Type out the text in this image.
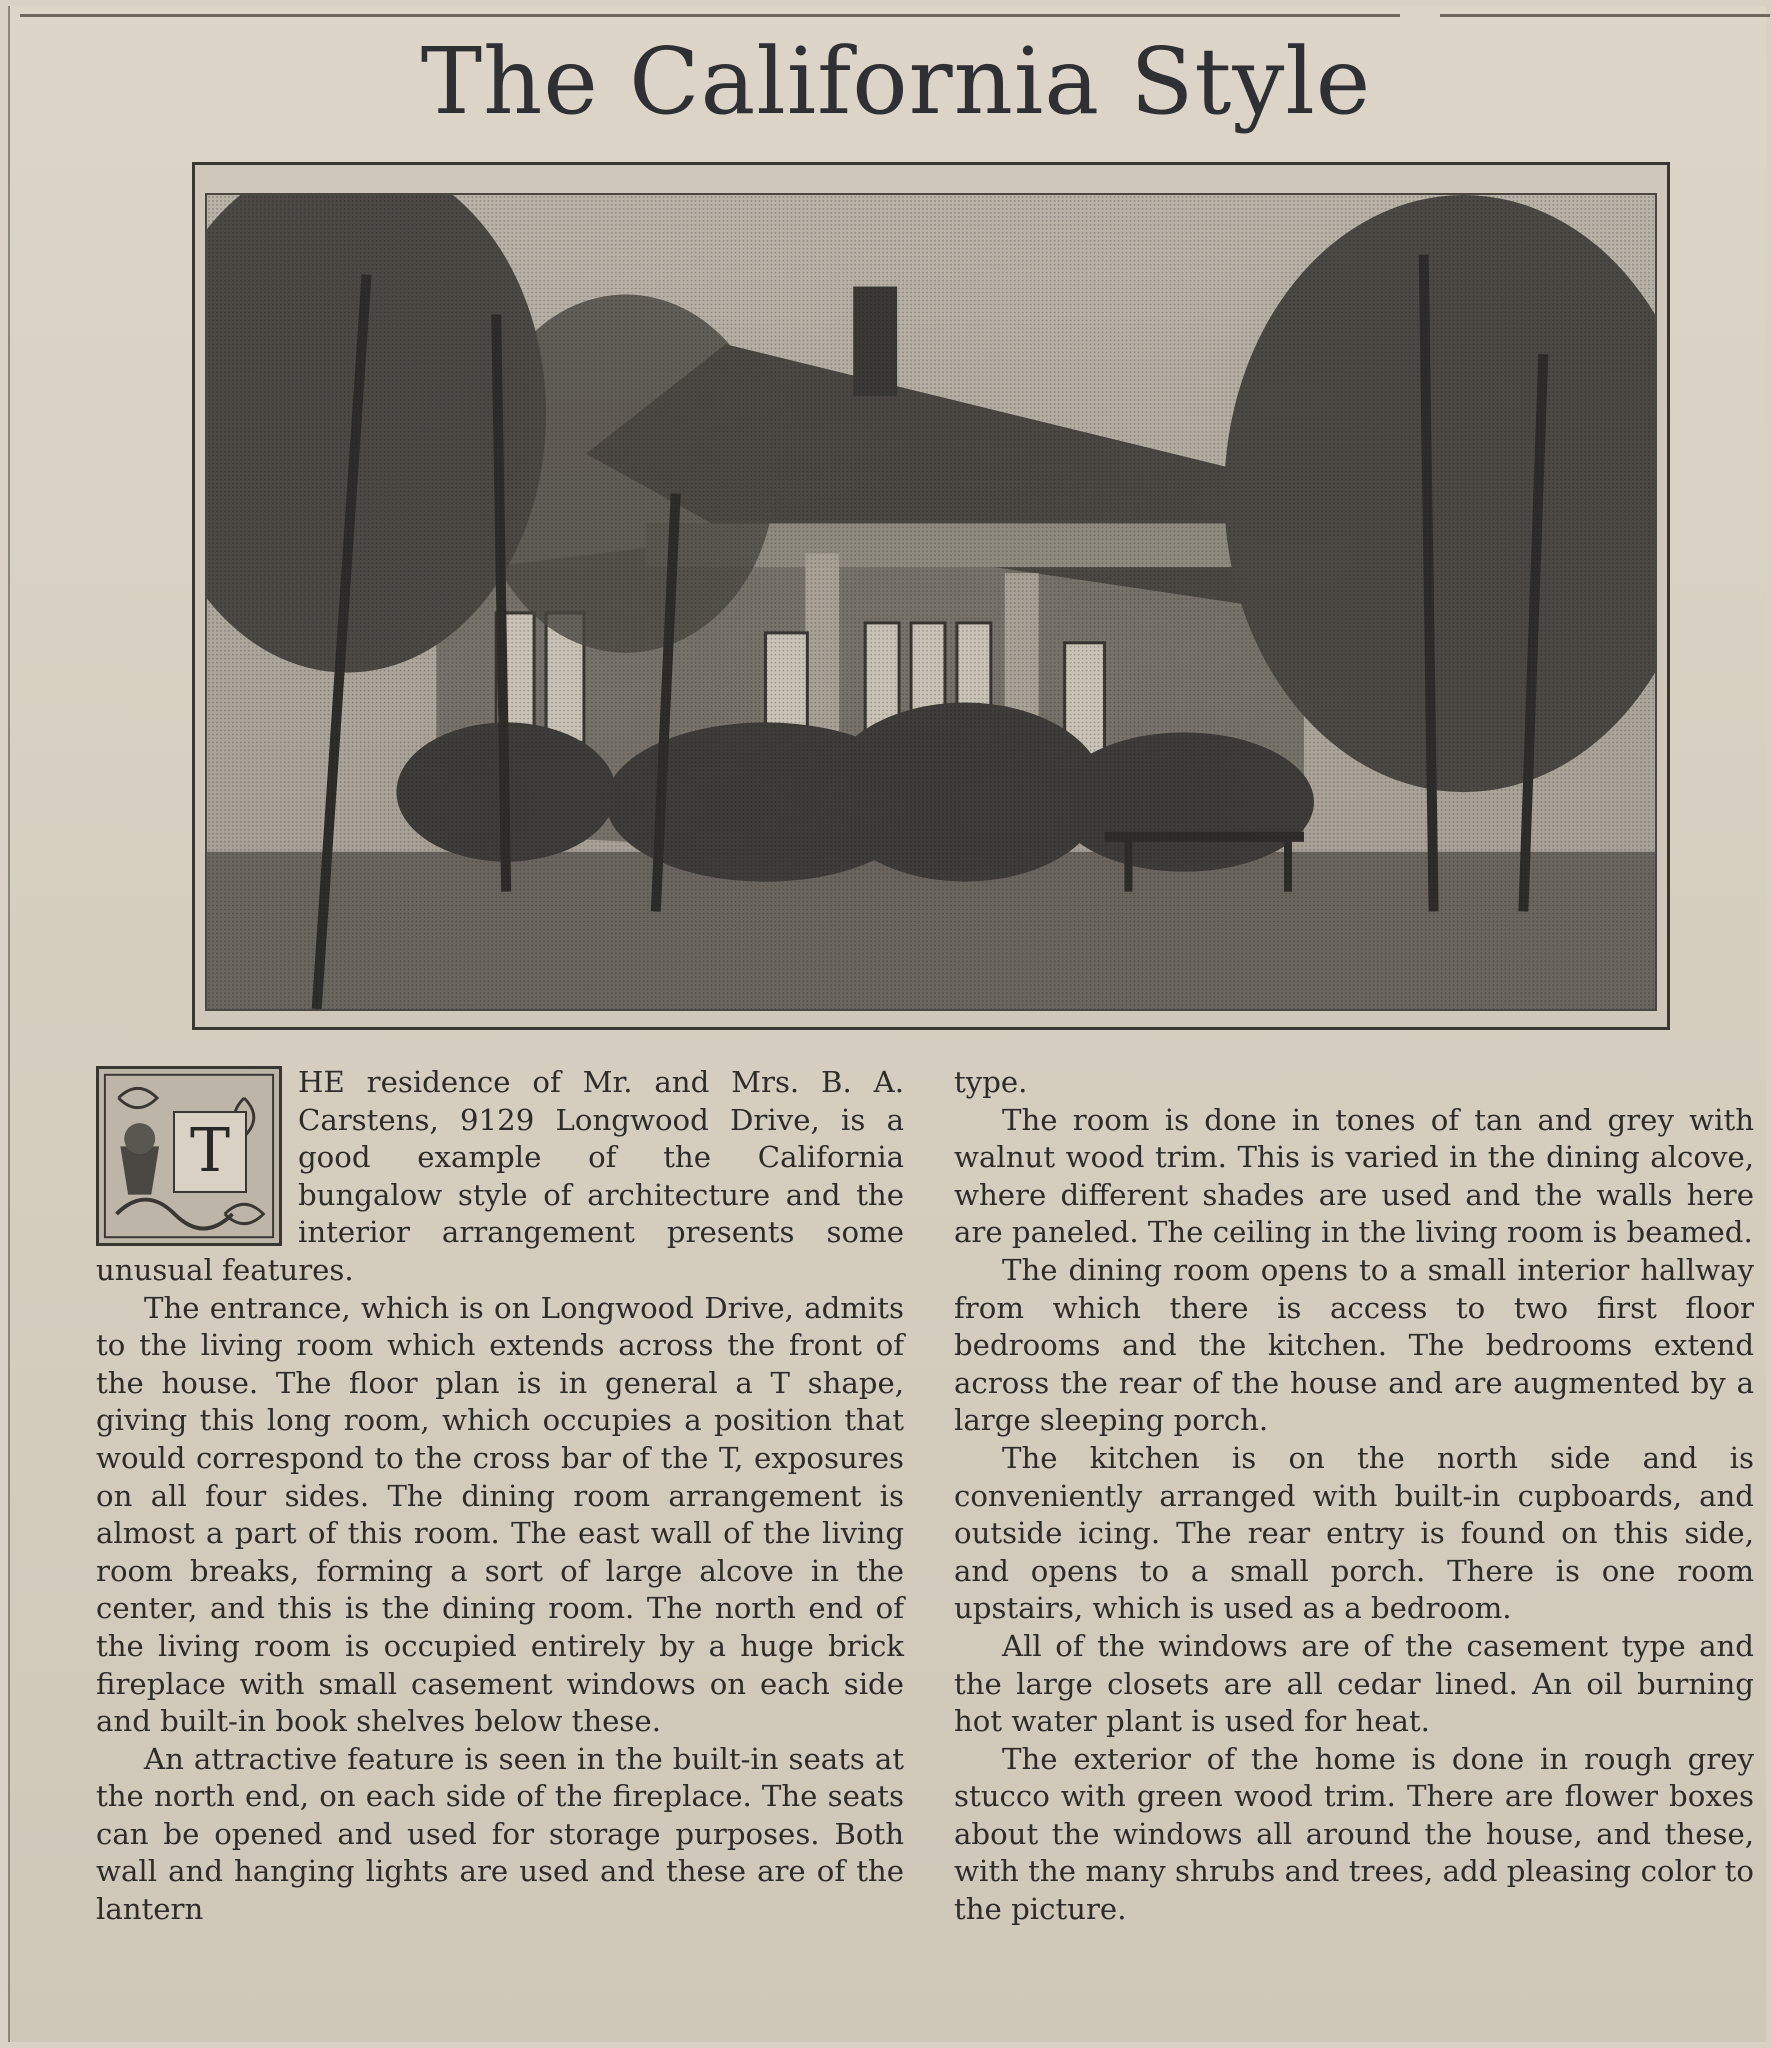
The California Style
T

HE residence of Mr. and Mrs. B. A. Carstens, 9129 Longwood Drive, is a good example of the California bungalow style of architecture and the interior arrangement presents some unusual features.

The entrance, which is on Longwood Drive, admits to the living room which extends across the front of the house. The floor plan is in general a T shape, giving this long room, which occupies a position that would correspond to the cross bar of the T, exposures on all four sides. The dining room arrangement is almost a part of this room. The east wall of the living room breaks, forming a sort of large alcove in the center, and this is the dining room. The north end of the living room is occupied entirely by a huge brick fireplace with small casement windows on each side and built-in book shelves below these.

An attractive feature is seen in the built-in seats at the north end, on each side of the fireplace. The seats can be opened and used for storage purposes. Both wall and hanging lights are used and these are of the lantern

type.

The room is done in tones of tan and grey with walnut wood trim. This is varied in the dining alcove, where different shades are used and the walls here are paneled. The ceiling in the living room is beamed.

The dining room opens to a small interior hallway from which there is access to two first floor bedrooms and the kitchen. The bedrooms extend across the rear of the house and are augmented by a large sleeping porch.

The kitchen is on the north side and is conveniently arranged with built-in cupboards, and outside icing. The rear entry is found on this side, and opens to a small porch. There is one room upstairs, which is used as a bedroom.

All of the windows are of the casement type and the large closets are all cedar lined. An oil burning hot water plant is used for heat.

The exterior of the home is done in rough grey stucco with green wood trim. There are flower boxes about the windows all around the house, and these, with the many shrubs and trees, add pleasing color to the picture.
